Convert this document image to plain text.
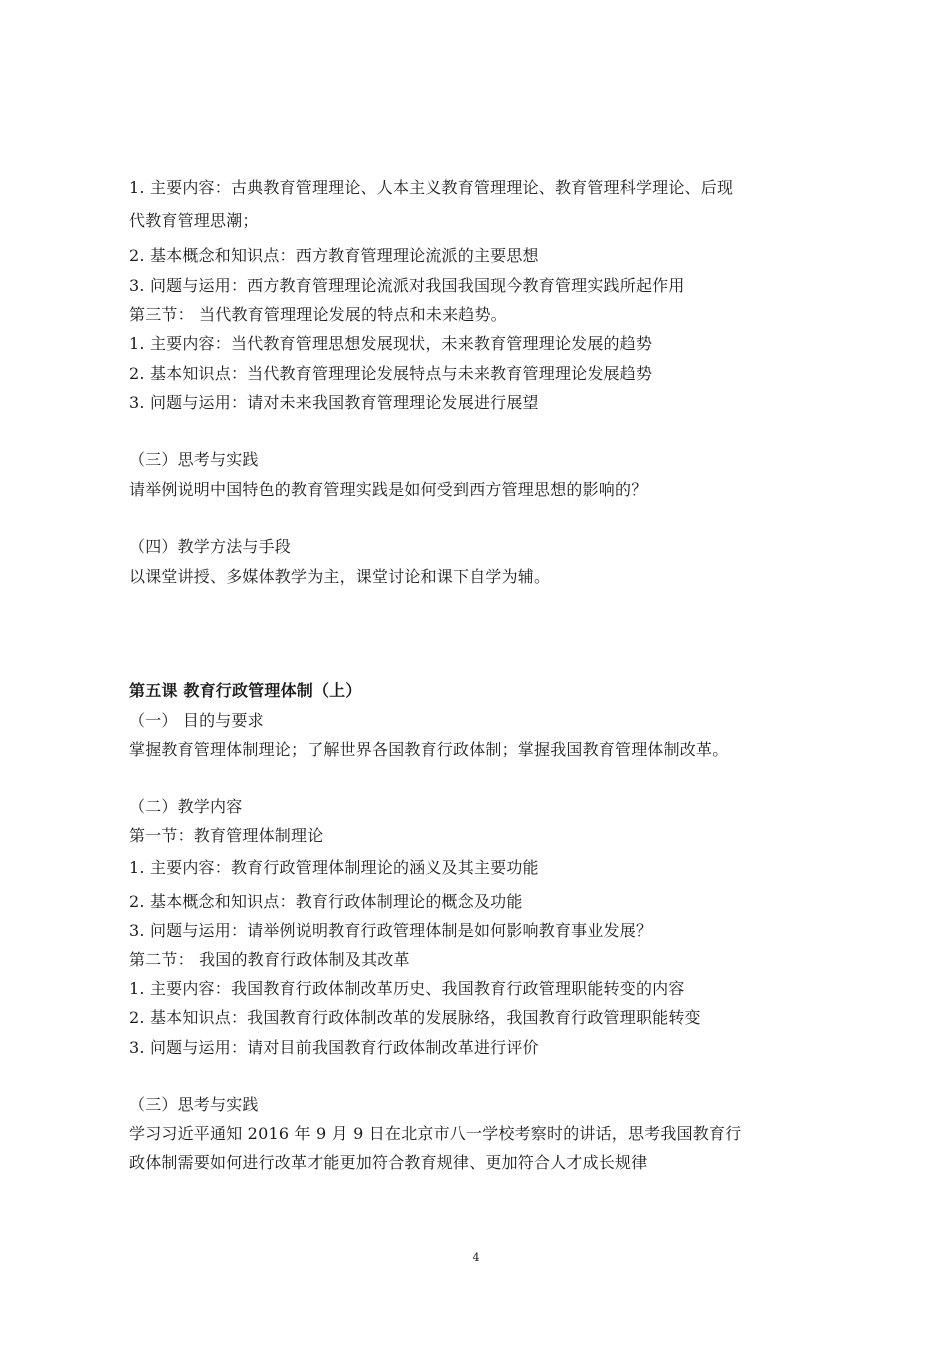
1. 主要内容：古典教育管理理论、人本主义教育管理理论、教育管理科学理论、后现
代教育管理思潮；
2. 基本概念和知识点：西方教育管理理论流派的主要思想
3. 问题与运用：西方教育管理理论流派对我国我国现今教育管理实践所起作用
第三节： 当代教育管理理论发展的特点和未来趋势。
1. 主要内容：当代教育管理思想发展现状，未来教育管理理论发展的趋势
2. 基本知识点：当代教育管理理论发展特点与未来教育管理理论发展趋势
3. 问题与运用：请对未来我国教育管理理论发展进行展望
（三）思考与实践
请举例说明中国特色的教育管理实践是如何受到西方管理思想的影响的？
（四）教学方法与手段
以课堂讲授、多媒体教学为主，课堂讨论和课下自学为辅。
第五课 教育行政管理体制（上）
（一） 目的与要求
掌握教育管理体制理论；了解世界各国教育行政体制；掌握我国教育管理体制改革。
（二）教学内容
第一节：教育管理体制理论
1. 主要内容：教育行政管理体制理论的涵义及其主要功能
2. 基本概念和知识点：教育行政体制理论的概念及功能
3. 问题与运用：请举例说明教育行政管理体制是如何影响教育事业发展？
第二节： 我国的教育行政体制及其改革
1. 主要内容：我国教育行政体制改革历史、我国教育行政管理职能转变的内容
2. 基本知识点：我国教育行政体制改革的发展脉络，我国教育行政管理职能转变
3. 问题与运用：请对目前我国教育行政体制改革进行评价
（三）思考与实践
学习习近平通知 2016 年 9 月 9 日在北京市八一学校考察时的讲话，思考我国教育行
政体制需要如何进行改革才能更加符合教育规律、更加符合人才成长规律
4
